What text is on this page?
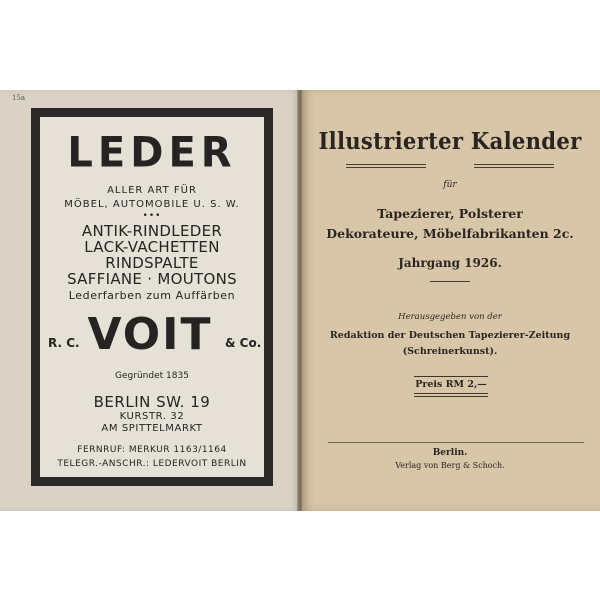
15a
LEDER
ALLER ART FÜR
MÖBEL, AUTOMOBILE U. S. W.
•••
ANTIK-RINDLEDER
LACK-VACHETTEN
RINDSPALTE
SAFFIANE · MOUTONS
Lederfarben zum Auffärben
R. C. VOIT	& Co.
Gegründet 1835
BERLIN SW. 19
KURSTR. 32
AM SPITTELMARKT
FERNRUF: MERKUR 1163/1164
TELEGR.-ANSCHR.: LEDERVOIT BERLIN
Illustrierter Kalender
für
Tapezierer, Polsterer
Dekorateure, Möbelfabrikanten 2c.
Jahrgang 1926.
Herausgegeben von der
Redaktion der Deutschen Tapezierer-Zeitung
(Schreinerkunst).
Preis RM 2,—
Berlin.
Verlag von Berg & Schoch.
